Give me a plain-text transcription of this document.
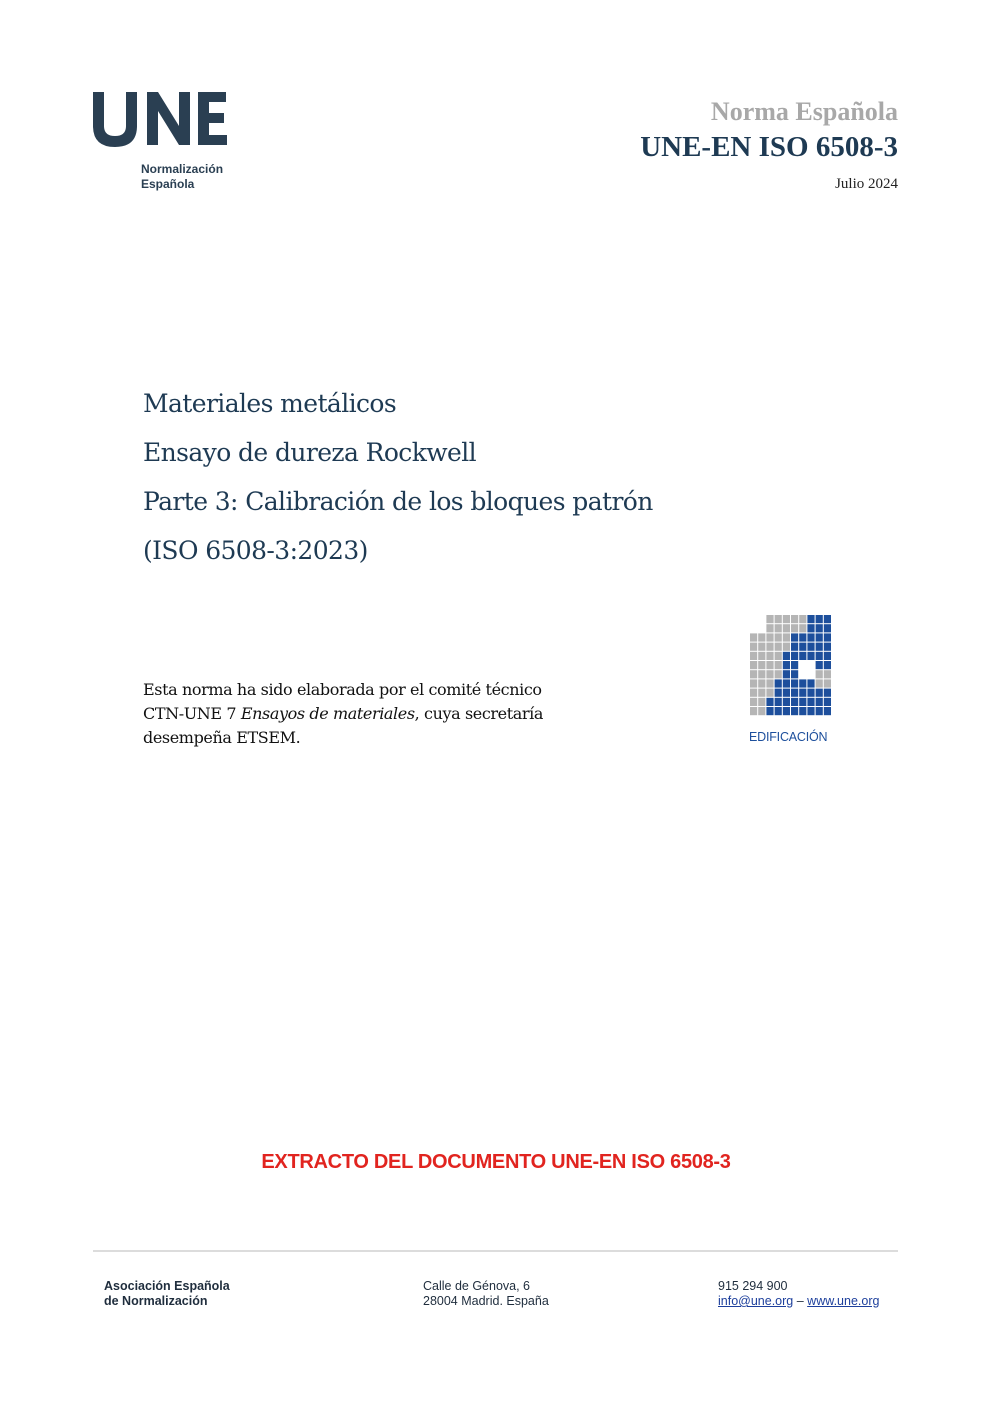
Normalización
Española
Norma Española
UNE-EN ISO 6508-3
Julio 2024
Materiales metálicos
Ensayo de dureza Rockwell
Parte 3: Calibración de los bloques patrón
(ISO 6508-3:2023)
Esta norma ha sido elaborada por el comité técnico
CTN-UNE 7 Ensayos de materiales, cuya secretaría
desempeña ETSEM.	EDIFICACIÓN
EXTRACTO DEL DOCUMENTO UNE-EN ISO 6508-3
Asociación Española
de Normalización
Calle de Génova, 6
28004 Madrid. España
915 294 900
info@une.org – www.une.org
